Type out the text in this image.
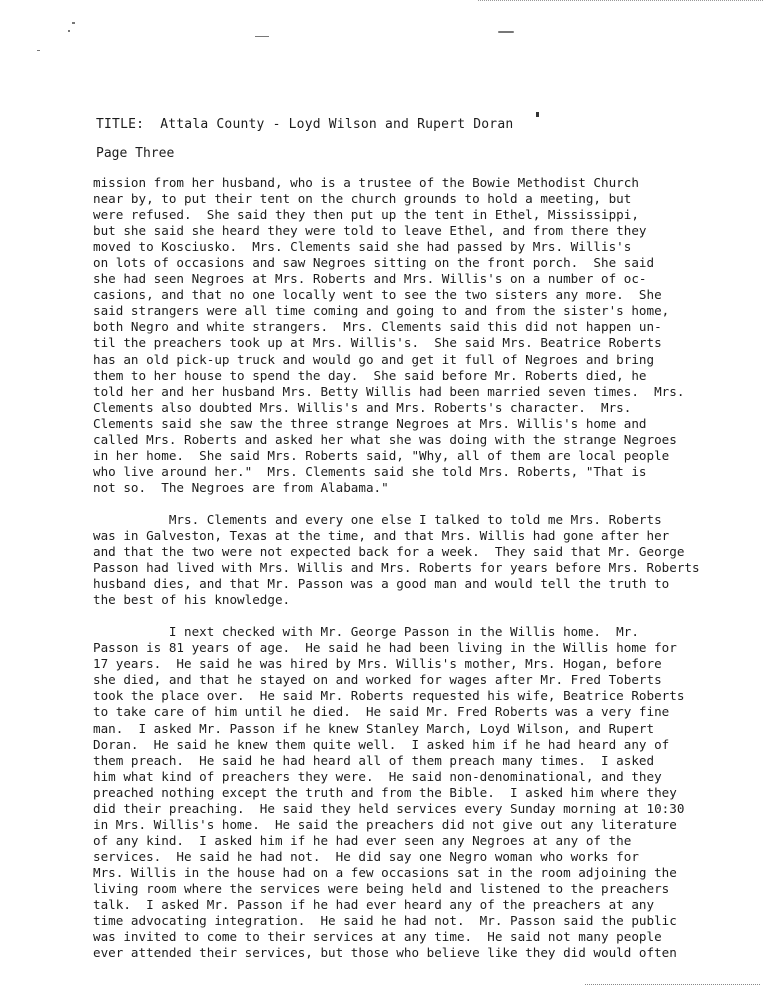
TITLE:  Attala County - Loyd Wilson and Rupert Doran
Page Three
mission from her husband, who is a trustee of the Bowie Methodist Church
near by, to put their tent on the church grounds to hold a meeting, but
were refused.  She said they then put up the tent in Ethel, Mississippi,
but she said she heard they were told to leave Ethel, and from there they
moved to Kosciusko.  Mrs. Clements said she had passed by Mrs. Willis's
on lots of occasions and saw Negroes sitting on the front porch.  She said
she had seen Negroes at Mrs. Roberts and Mrs. Willis's on a number of oc-
casions, and that no one locally went to see the two sisters any more.  She
said strangers were all time coming and going to and from the sister's home,
both Negro and white strangers.  Mrs. Clements said this did not happen un-
til the preachers took up at Mrs. Willis's.  She said Mrs. Beatrice Roberts
has an old pick-up truck and would go and get it full of Negroes and bring
them to her house to spend the day.  She said before Mr. Roberts died, he
told her and her husband Mrs. Betty Willis had been married seven times.  Mrs.
Clements also doubted Mrs. Willis's and Mrs. Roberts's character.  Mrs.
Clements said she saw the three strange Negroes at Mrs. Willis's home and
called Mrs. Roberts and asked her what she was doing with the strange Negroes
in her home.  She said Mrs. Roberts said, "Why, all of them are local people
who live around her."  Mrs. Clements said she told Mrs. Roberts, "That is
not so.  The Negroes are from Alabama."
Mrs. Clements and every one else I talked to told me Mrs. Roberts
was in Galveston, Texas at the time, and that Mrs. Willis had gone after her
and that the two were not expected back for a week.  They said that Mr. George
Passon had lived with Mrs. Willis and Mrs. Roberts for years before Mrs. Roberts
husband dies, and that Mr. Passon was a good man and would tell the truth to
the best of his knowledge.
I next checked with Mr. George Passon in the Willis home.  Mr.
Passon is 81 years of age.  He said he had been living in the Willis home for
17 years.  He said he was hired by Mrs. Willis's mother, Mrs. Hogan, before
she died, and that he stayed on and worked for wages after Mr. Fred Toberts
took the place over.  He said Mr. Roberts requested his wife, Beatrice Roberts
to take care of him until he died.  He said Mr. Fred Roberts was a very fine
man.  I asked Mr. Passon if he knew Stanley March, Loyd Wilson, and Rupert
Doran.  He said he knew them quite well.  I asked him if he had heard any of
them preach.  He said he had heard all of them preach many times.  I asked
him what kind of preachers they were.  He said non-denominational, and they
preached nothing except the truth and from the Bible.  I asked him where they
did their preaching.  He said they held services every Sunday morning at 10:30
in Mrs. Willis's home.  He said the preachers did not give out any literature
of any kind.  I asked him if he had ever seen any Negroes at any of the
services.  He said he had not.  He did say one Negro woman who works for
Mrs. Willis in the house had on a few occasions sat in the room adjoining the
living room where the services were being held and listened to the preachers
talk.  I asked Mr. Passon if he had ever heard any of the preachers at any
time advocating integration.  He said he had not.  Mr. Passon said the public
was invited to come to their services at any time.  He said not many people
ever attended their services, but those who believe like they did would often
